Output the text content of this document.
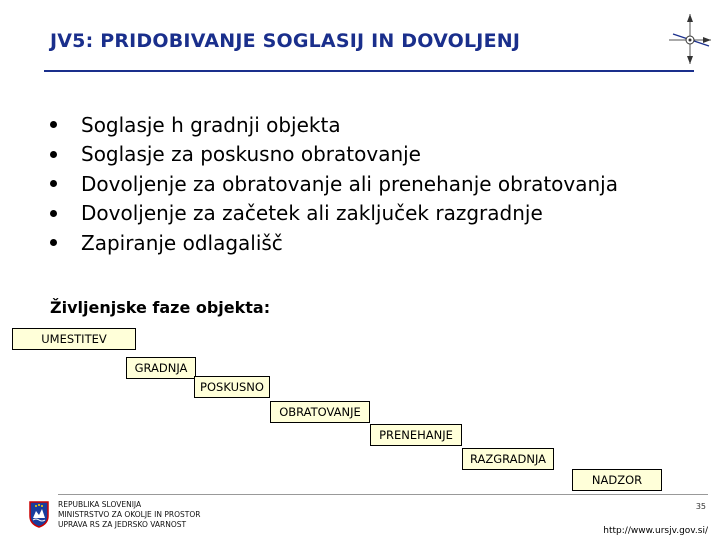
JV5: PRIDOBIVANJE SOGLASIJ IN DOVOLJENJ
Soglasje h gradnji objekta
Soglasje za poskusno obratovanje
Dovoljenje za obratovanje ali prenehanje obratovanja
Dovoljenje za začetek ali zaključek razgradnje
Zapiranje odlagališč
Življenjske faze objekta:
UMESTITEV
GRADNJA
POSKUSNO
OBRATOVANJE
PRENEHANJE
RAZGRADNJA
NADZOR
REPUBLIKA SLOVENIJA
MINISTRSTVO ZA OKOLJE IN PROSTOR
UPRAVA RS ZA JEDRSKO VARNOST
35
http://www.ursjv.gov.si/
